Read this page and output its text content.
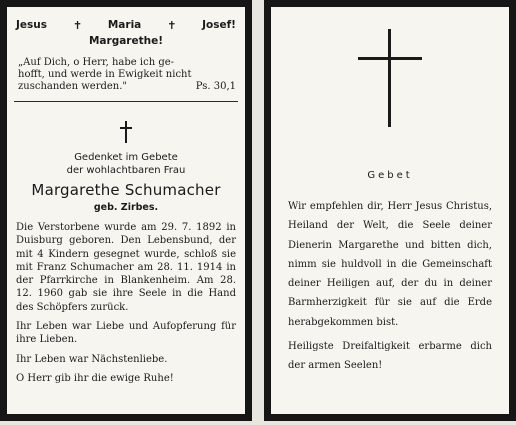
Jesus ✝ Maria ✝ Josef!
Margarethe!
„Auf Dich, o Herr, habe ich ge-
hofft, und werde in Ewigkeit nicht
zuschanden werden."	Ps. 30,1
Gedenket im Gebete
der wohlachtbaren Frau
Margarethe Schumacher
geb. Zirbes.

Die Verstorbene wurde am 29. 7. 1892 in Duisburg geboren. Den Lebensbund, der mit 4 Kindern gesegnet wurde, schloß sie mit Franz Schumacher am 28. 11. 1914 in der Pfarrkirche in Blankenheim. Am 28. 12. 1960 gab sie ihre Seele in die Hand des Schöpfers zurück.

Ihr Leben war Liebe und Aufopferung für ihre Lieben.

Ihr Leben war Nächstenliebe.

O Herr gib ihr die ewige Ruhe!

Gebet

Wir empfehlen dir, Herr Jesus Christus, Heiland der Welt, die Seele deiner Dienerin Margarethe und bitten dich, nimm sie huldvoll in die Gemeinschaft deiner Heiligen auf, der du in deiner Barmherzigkeit für sie auf die Erde herabgekommen bist.

Heiligste Dreifaltigkeit erbarme dich der armen Seelen!
